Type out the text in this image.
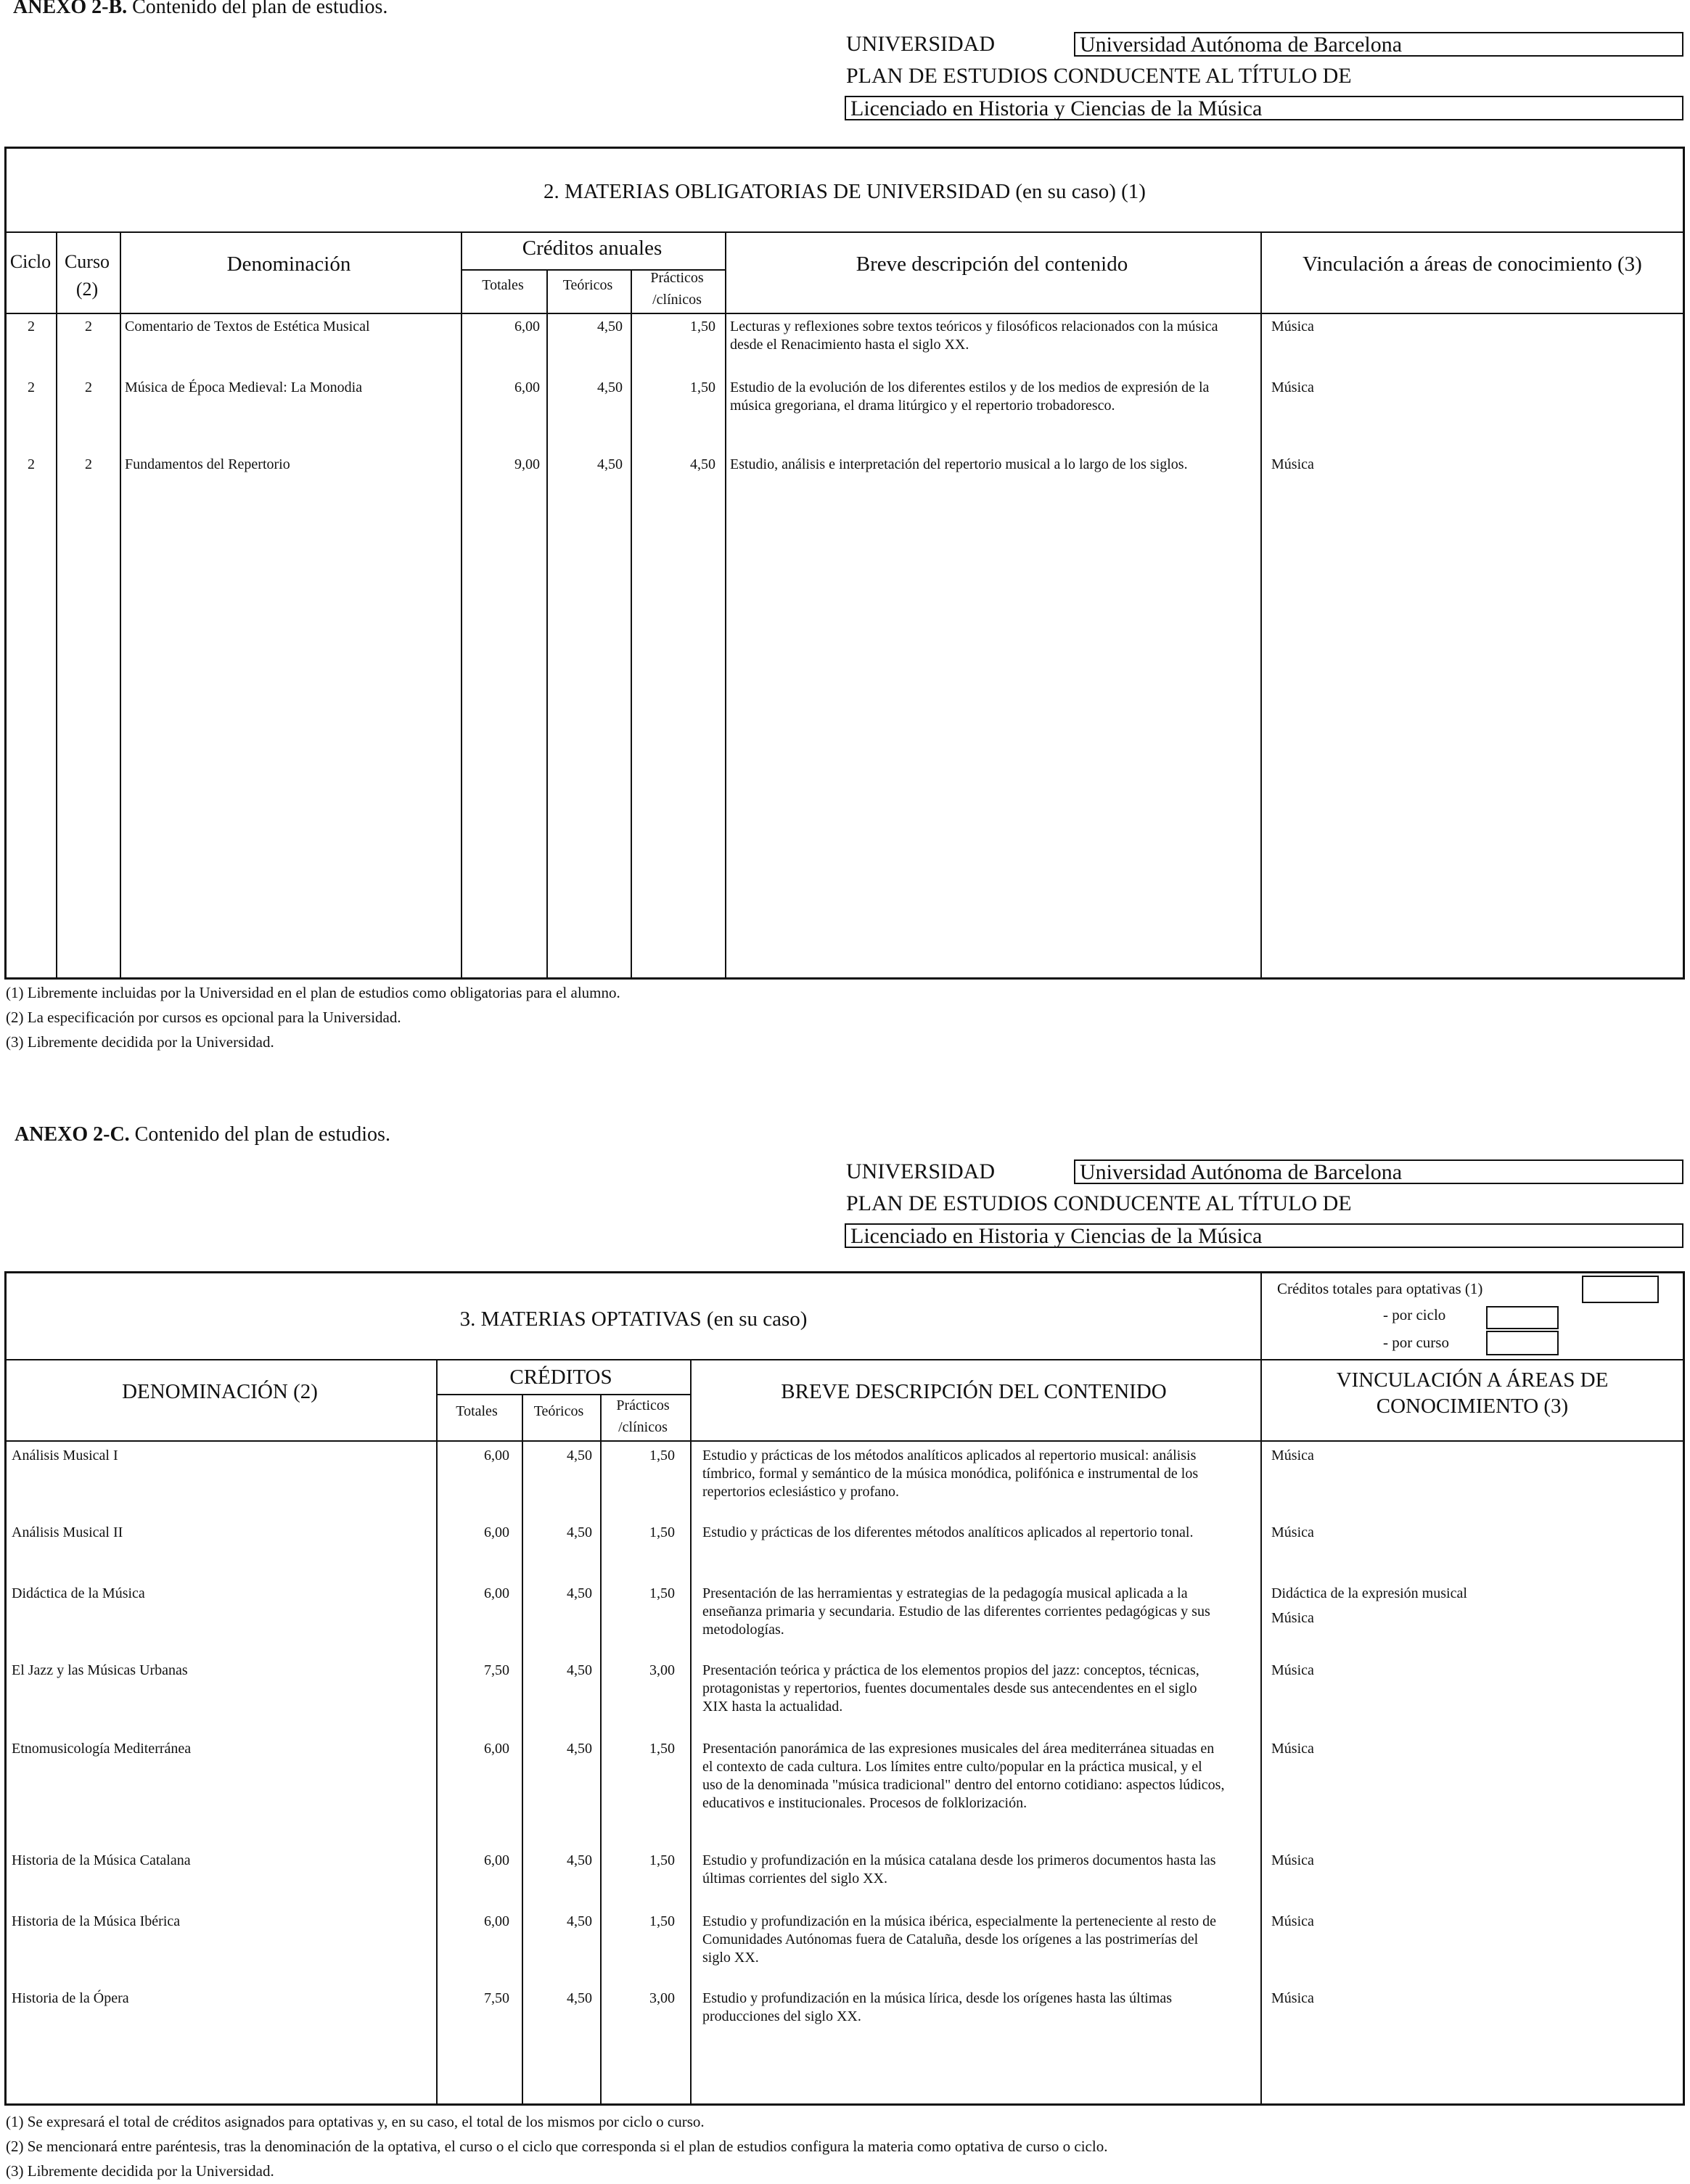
ANEXO 2-B. Contenido del plan de estudios.
UNIVERSIDAD	Universidad Autónoma de Barcelona
PLAN DE ESTUDIOS CONDUCENTE AL TÍTULO DE
Licenciado en Historia y Ciencias de la Música
2. MATERIAS OBLIGATORIAS DE UNIVERSIDAD (en su caso) (1)
Ciclo Curso
(2)
Denominación
Créditos anuales
Totales	Teóricos	Prácticos
/clínicos
Breve descripción del contenido	Vinculación a áreas de conocimiento (3)
2	2	Comentario de Textos de Estética Musical	6,00	4,50	1,50 Lecturas y reflexiones sobre textos teóricos y filosóficos relacionados con la música desde el Renacimiento hasta el siglo XX.
Música
2	2	Música de Época Medieval: La Monodia	6,00	4,50	1,50 Estudio de la evolución de los diferentes estilos y de los medios de expresión de la música gregoriana, el drama litúrgico y el repertorio trobadoresco.
Música
2	2	Fundamentos del Repertorio	9,00	4,50	4,50 Estudio, análisis e interpretación del repertorio musical a lo largo de los siglos.	Música
(1) Libremente incluidas por la Universidad en el plan de estudios como obligatorias para el alumno.
(2) La especificación por cursos es opcional para la Universidad.
(3) Libremente decidida por la Universidad.
ANEXO 2-C. Contenido del plan de estudios.
UNIVERSIDAD	Universidad Autónoma de Barcelona
PLAN DE ESTUDIOS CONDUCENTE AL TÍTULO DE
Licenciado en Historia y Ciencias de la Música
3. MATERIAS OPTATIVAS (en su caso)
Créditos totales para optativas (1)
- por ciclo
- por curso
DENOMINACIÓN (2)
CRÉDITOS
Totales	Teóricos	Prácticos
/clínicos
BREVE DESCRIPCIÓN DEL CONTENIDO	VINCULACIÓN A ÁREAS DE
CONOCIMIENTO (3)
Análisis Musical I	6,00	4,50	1,50 Estudio y prácticas de los métodos analíticos aplicados al repertorio musical: análisis tímbrico, formal y semántico de la música monódica, polifónica e instrumental de los repertorios eclesiástico y profano.
Música
Análisis Musical II	6,00	4,50	1,50 Estudio y prácticas de los diferentes métodos analíticos aplicados al repertorio tonal.	Música
Didáctica de la Música	6,00	4,50	1,50 Presentación de las herramientas y estrategias de la pedagogía musical aplicada a la enseñanza primaria y secundaria. Estudio de las diferentes corrientes pedagógicas y sus metodologías.
Didáctica de la expresión musical
Música
El Jazz y las Músicas Urbanas	7,50	4,50	3,00 Presentación teórica y práctica de los elementos propios del jazz: conceptos, técnicas, protagonistas y repertorios, fuentes documentales desde sus antecendentes en el siglo XIX hasta la actualidad.
Música
Etnomusicología Mediterránea	6,00	4,50	1,50 Presentación panorámica de las expresiones musicales del área mediterránea situadas en el contexto de cada cultura. Los límites entre culto/popular en la práctica musical, y el uso de la denominada "música tradicional" dentro del entorno cotidiano: aspectos lúdicos, educativos e institucionales. Procesos de folklorización.
Música
Historia de la Música Catalana	6,00	4,50	1,50 Estudio y profundización en la música catalana desde los primeros documentos hasta las últimas corrientes del siglo XX.
Música
Historia de la Música Ibérica	6,00	4,50	1,50 Estudio y profundización en la música ibérica, especialmente la perteneciente al resto de Comunidades Autónomas fuera de Cataluña, desde los orígenes a las postrimerías del siglo XX.
Música
Historia de la Ópera	7,50	4,50	3,00 Estudio y profundización en la música lírica, desde los orígenes hasta las últimas producciones del siglo XX.
Música
(1) Se expresará el total de créditos asignados para optativas y, en su caso, el total de los mismos por ciclo o curso.
(2) Se mencionará entre paréntesis, tras la denominación de la optativa, el curso o el ciclo que corresponda si el plan de estudios configura la materia como optativa de curso o ciclo.
(3) Libremente decidida por la Universidad.
